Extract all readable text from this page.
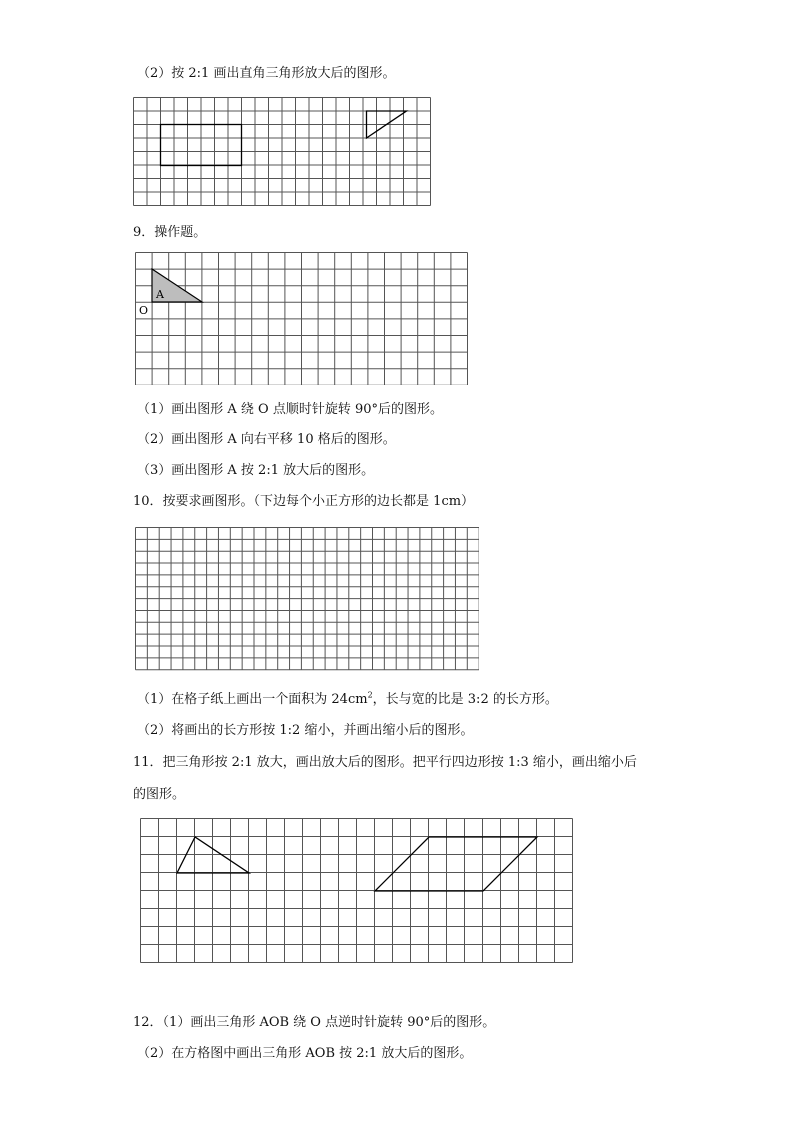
（2）按 2:1 画出直角三角形放大后的图形。
9．操作题。
A
O
（1）画出图形 A 绕 O 点顺时针旋转 90°后的图形。
（2）画出图形 A 向右平移 10 格后的图形。
（3）画出图形 A 按 2:1 放大后的图形。
10．按要求画图形。（下边每个小正方形的边长都是 1cm）
（1）在格子纸上画出一个面积为 $24cm^2$，长与宽的比是 3:2 的长方形。
（2）将画出的长方形按 1:2 缩小，并画出缩小后的图形。
11．把三角形按 2:1 放大，画出放大后的图形。把平行四边形按 1:3 缩小，画出缩小后
的图形。
12．（1）画出三角形 AOB 绕 O 点逆时针旋转 90°后的图形。
（2）在方格图中画出三角形 AOB 按 2:1 放大后的图形。
